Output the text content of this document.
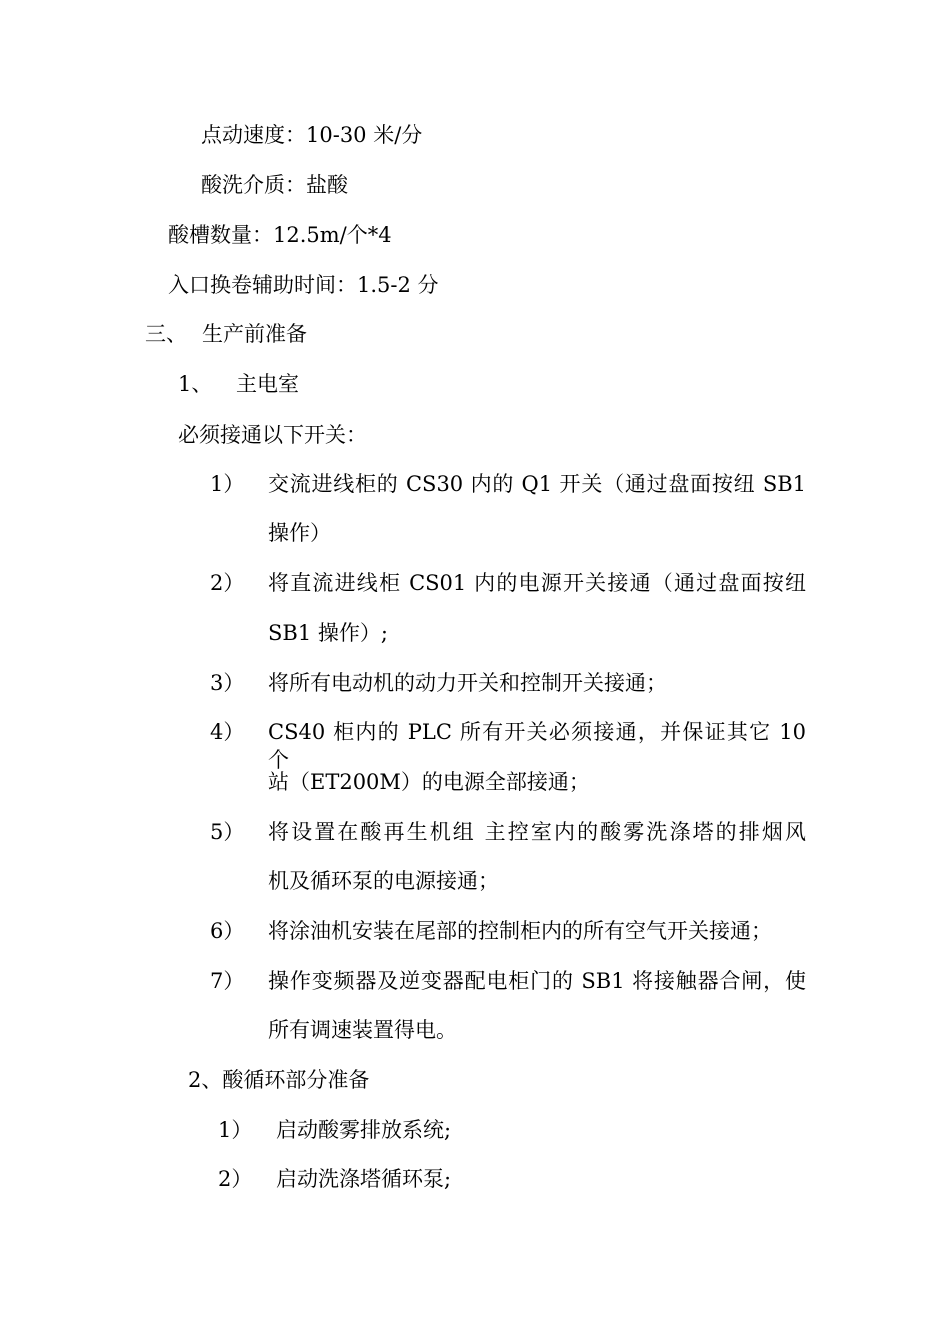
点动速度：10-30 米/分
酸洗介质：盐酸
酸槽数量：12.5m/个*4
入口换卷辅助时间：1.5-2 分
三、 生产前准备
1、 主电室
必须接通以下开关：
1） 交流进线柜的 CS30 内的 Q1 开关（通过盘面按纽 SB1
操作）
2） 将直流进线柜 CS01 内的电源开关接通（通过盘面按纽
SB1 操作）;
3） 将所有电动机的动力开关和控制开关接通；
4） CS40 柜内的 PLC 所有开关必须接通，并保证其它 10 个
站（ET200M）的电源全部接通；
5） 将设置在酸再生机组 主控室内的酸雾洗涤塔的排烟风
机及循环泵的电源接通；
6） 将涂油机安装在尾部的控制柜内的所有空气开关接通；
7） 操作变频器及逆变器配电柜门的 SB1 将接触器合闸，使
所有调速装置得电。
2、酸循环部分准备
1） 启动酸雾排放系统;
2） 启动洗涤塔循环泵;
